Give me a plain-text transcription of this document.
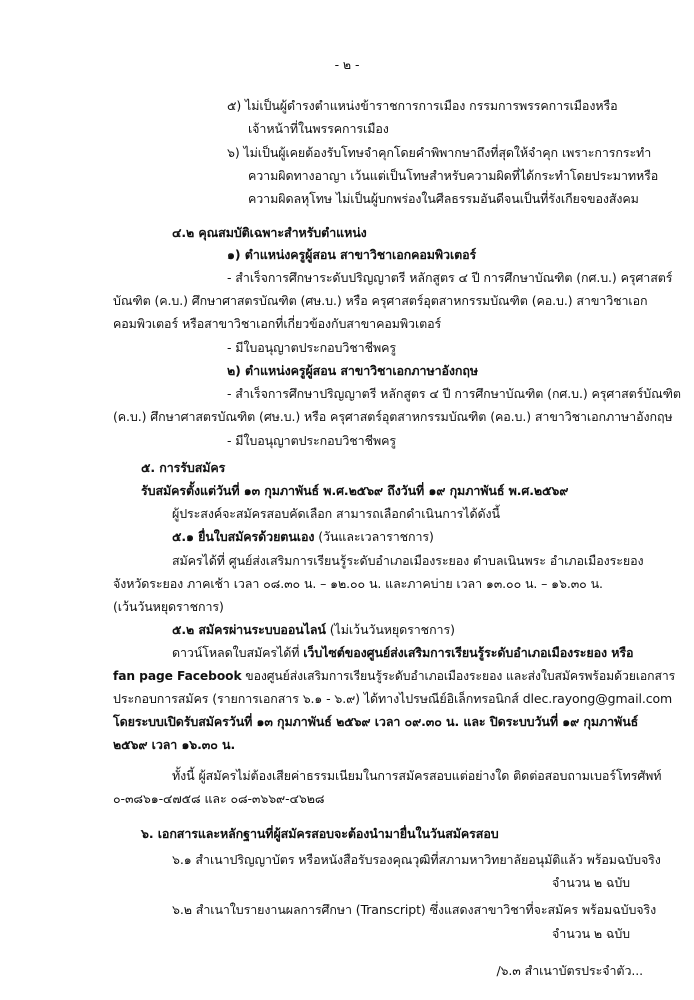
- ๒ -
๕) ไม่เป็นผู้ดำรงตำแหน่งข้าราชการการเมือง กรรมการพรรคการเมืองหรือ
เจ้าหน้าที่ในพรรคการเมือง
๖) ไม่เป็นผู้เคยต้องรับโทษจำคุกโดยคำพิพากษาถึงที่สุดให้จำคุก เพราะการกระทำ
ความผิดทางอาญา เว้นแต่เป็นโทษสำหรับความผิดที่ได้กระทำโดยประมาทหรือ
ความผิดลหุโทษ ไม่เป็นผู้บกพร่องในศีลธรรมอันดีจนเป็นที่รังเกียจของสังคม
๔.๒ คุณสมบัติเฉพาะสำหรับตำแหน่ง
๑) ตำแหน่งครูผู้สอน สาขาวิชาเอกคอมพิวเตอร์
- สำเร็จการศึกษาระดับปริญญาตรี หลักสูตร ๔ ปี การศึกษาบัณฑิต (กศ.บ.) ครุศาสตร์
บัณฑิต (ค.บ.) ศึกษาศาสตรบัณฑิต (ศษ.บ.) หรือ ครุศาสตร์อุตสาหกรรมบัณฑิต (คอ.บ.) สาขาวิชาเอก
คอมพิวเตอร์ หรือสาขาวิชาเอกที่เกี่ยวข้องกับสาขาคอมพิวเตอร์
- มีใบอนุญาตประกอบวิชาชีพครู
๒) ตำแหน่งครูผู้สอน สาขาวิชาเอกภาษาอังกฤษ
- สำเร็จการศึกษาปริญญาตรี หลักสูตร ๔ ปี การศึกษาบัณฑิต (กศ.บ.) ครุศาสตร์บัณฑิต
(ค.บ.) ศึกษาศาสตรบัณฑิต (ศษ.บ.) หรือ ครุศาสตร์อุตสาหกรรมบัณฑิต (คอ.บ.) สาขาวิชาเอกภาษาอังกฤษ
- มีใบอนุญาตประกอบวิชาชีพครู
๕. การรับสมัคร
รับสมัครตั้งแต่วันที่ ๑๓ กุมภาพันธ์ พ.ศ.๒๕๖๙ ถึงวันที่ ๑๙ กุมภาพันธ์ พ.ศ.๒๕๖๙
ผู้ประสงค์จะสมัครสอบคัดเลือก สามารถเลือกดำเนินการได้ดังนี้
๕.๑ ยื่นใบสมัครด้วยตนเอง (วันและเวลาราชการ)
สมัครได้ที่ ศูนย์ส่งเสริมการเรียนรู้ระดับอำเภอเมืองระยอง ตำบลเนินพระ อำเภอเมืองระยอง
จังหวัดระยอง ภาคเช้า เวลา ๐๘.๓๐ น. – ๑๒.๐๐ น. และภาคบ่าย เวลา ๑๓.๐๐ น. – ๑๖.๓๐ น.
(เว้นวันหยุดราชการ)
๕.๒ สมัครผ่านระบบออนไลน์ (ไม่เว้นวันหยุดราชการ)
ดาวน์โหลดใบสมัครได้ที่ เว็บไซต์ของศูนย์ส่งเสริมการเรียนรู้ระดับอำเภอเมืองระยอง หรือ
fan page Facebook ของศูนย์ส่งเสริมการเรียนรู้ระดับอำเภอเมืองระยอง และส่งใบสมัครพร้อมด้วยเอกสาร
ประกอบการสมัคร (รายการเอกสาร ๖.๑ - ๖.๙) ได้ทางไปรษณีย์อิเล็กทรอนิกส์ dlec.rayong@gmail.com
โดยระบบเปิดรับสมัครวันที่ ๑๓ กุมภาพันธ์ ๒๕๖๙ เวลา ๐๙.๓๐ น. และ ปิดระบบวันที่ ๑๙ กุมภาพันธ์
๒๕๖๙ เวลา ๑๖.๓๐ น.
ทั้งนี้ ผู้สมัครไม่ต้องเสียค่าธรรมเนียมในการสมัครสอบแต่อย่างใด ติดต่อสอบถามเบอร์โทรศัพท์
๐-๓๘๖๑-๔๗๕๘ และ ๐๘-๓๖๖๙-๔๖๒๘
๖. เอกสารและหลักฐานที่ผู้สมัครสอบจะต้องนำมายื่นในวันสมัครสอบ
๖.๑ สำเนาปริญญาบัตร หรือหนังสือรับรองคุณวุฒิที่สภามหาวิทยาลัยอนุมัติแล้ว พร้อมฉบับจริง
จำนวน ๒ ฉบับ
๖.๒ สำเนาใบรายงานผลการศึกษา (Transcript) ซึ่งแสดงสาขาวิชาที่จะสมัคร พร้อมฉบับจริง
จำนวน ๒ ฉบับ
/๖.๓ สำเนาบัตรประจำตัว...
